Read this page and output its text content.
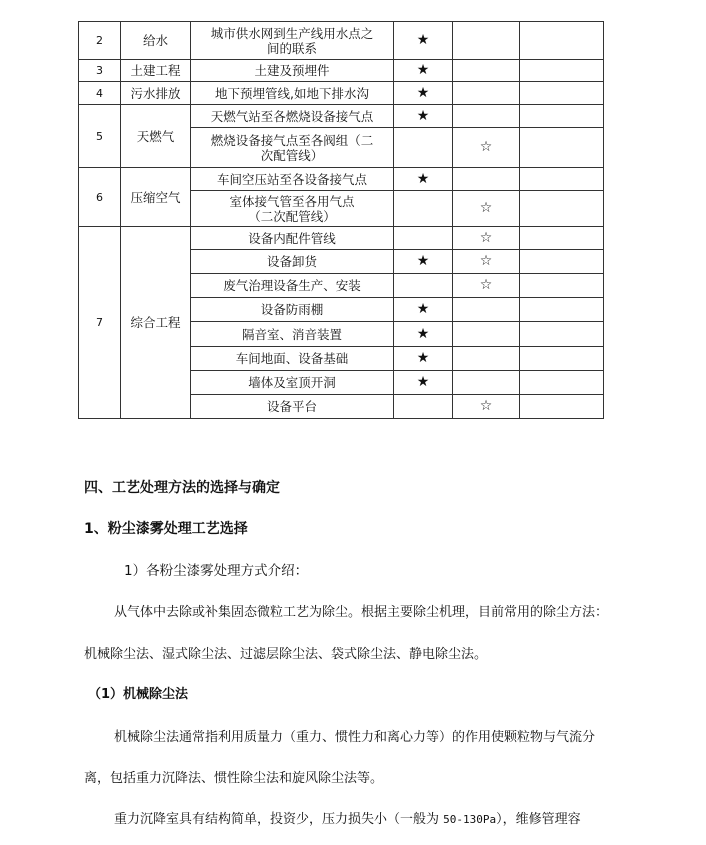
2	给水	城市供水网到生产线用水点之
间的联系	★		
3	土建工程	土建及预埋件	★		
4	污水排放	地下预埋管线,如地下排水沟	★		
5	天燃气	天燃气站至各燃烧设备接气点	★		
		燃烧设备接气点至各阀组（二
次配管线）		☆	
6	压缩空气	车间空压站至各设备接气点	★		
		室体接气管至各用气点
（二次配管线）		☆	
7	综合工程	设备内配件管线		☆	
		设备卸货	★	☆	
		废气治理设备生产、安装		☆	
		设备防雨棚	★		
		隔音室、消音装置	★		
		车间地面、设备基础	★		
		墙体及室顶开洞	★		
		设备平台		☆	
四、工艺处理方法的选择与确定
1、粉尘漆雾处理工艺选择
1）各粉尘漆雾处理方式介绍：
从气体中去除或补集固态微粒工艺为除尘。根据主要除尘机理，目前常用的除尘方法：
机械除尘法、湿式除尘法、过滤层除尘法、袋式除尘法、静电除尘法。
（1）机械除尘法
机械除尘法通常指利用质量力（重力、惯性力和离心力等）的作用使颗粒物与气流分
离，包括重力沉降法、惯性除尘法和旋风除尘法等。
重力沉降室具有结构简单，投资少，压力损失小（一般为 50-130Pa），维修管理容
